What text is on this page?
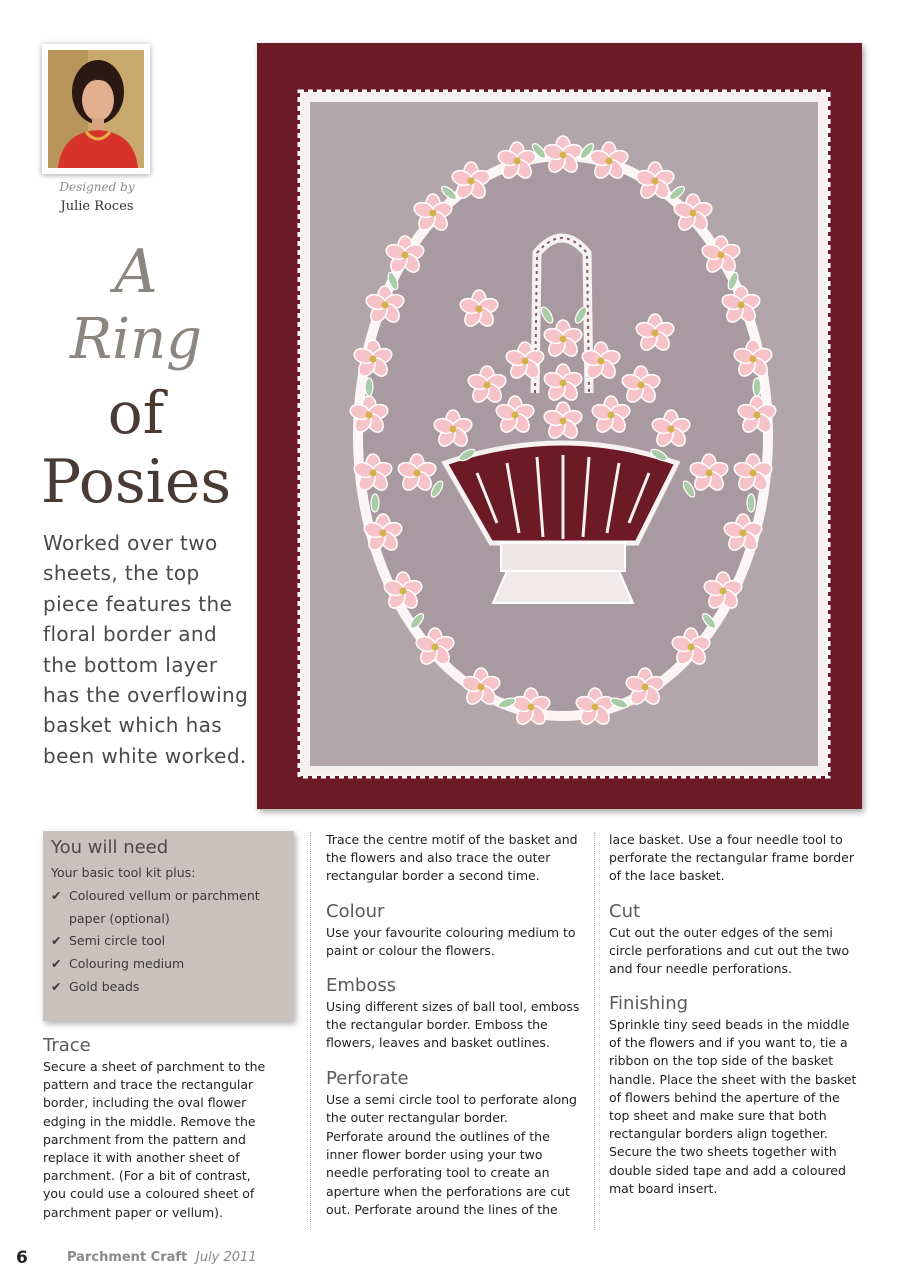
Designed by
Julie Roces
A
Ring
of
Posies
Worked over two sheets, the top piece features the floral border and the bottom layer has the overflowing basket which has been white worked.
You will need
Your basic tool kit plus:
✔ Coloured vellum or parchment
paper (optional)
✔ Semi circle tool
✔ Colouring medium
✔ Gold beads
Trace
Secure a sheet of parchment to the pattern and trace the rectangular border, including the oval flower edging in the middle. Remove the parchment from the pattern and replace it with another sheet of parchment. (For a bit of contrast, you could use a coloured sheet of parchment paper or vellum).
Trace the centre motif of the basket and the flowers and also trace the outer rectangular border a second time.
Colour
Use your favourite colouring medium to paint or colour the flowers.
Emboss
Using different sizes of ball tool, emboss the rectangular border. Emboss the flowers, leaves and basket outlines.
Perforate
Use a semi circle tool to perforate along the outer rectangular border.
Perforate around the outlines of the inner flower border using your two needle perforating tool to create an aperture when the perforations are cut out. Perforate around the lines of the
lace basket. Use a four needle tool to perforate the rectangular frame border of the lace basket.
Cut
Cut out the outer edges of the semi circle perforations and cut out the two and four needle perforations.
Finishing
Sprinkle tiny seed beads in the middle of the flowers and if you want to, tie a ribbon on the top side of the basket handle. Place the sheet with the basket of flowers behind the aperture of the top sheet and make sure that both rectangular borders align together. Secure the two sheets together with double sided tape and add a coloured mat board insert.
6	Parchment Craft July 2011
